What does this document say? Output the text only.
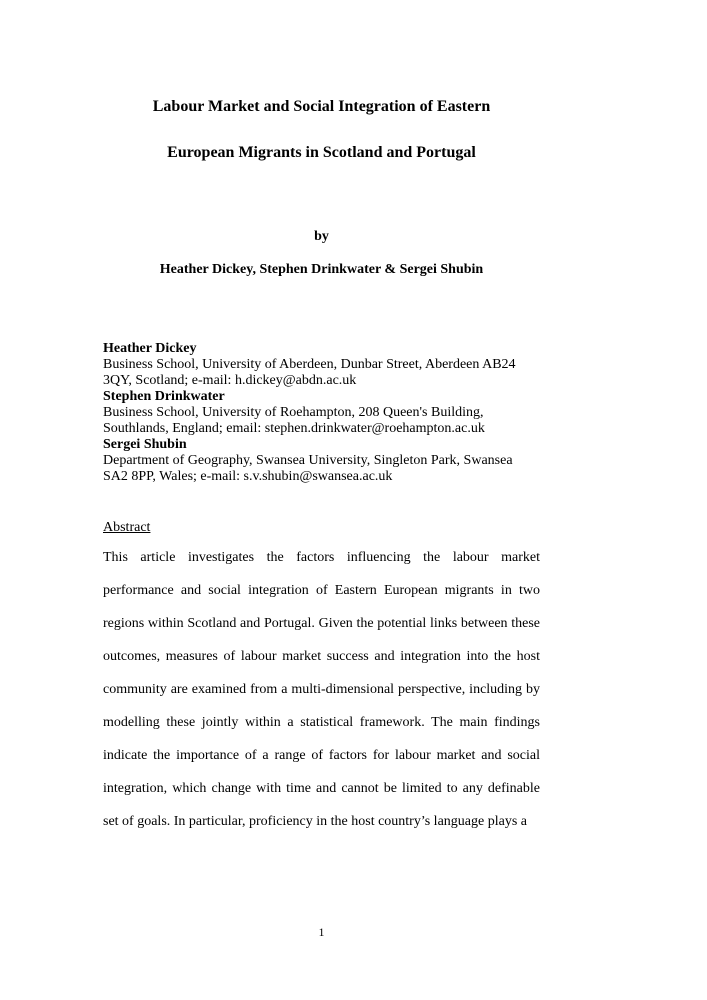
Labour Market and Social Integration of Eastern
European Migrants in Scotland and Portugal
by
Heather Dickey, Stephen Drinkwater & Sergei Shubin
Heather Dickey
Business School, University of Aberdeen, Dunbar Street, Aberdeen AB24 3QY, Scotland; e-mail: h.dickey@abdn.ac.uk
Stephen Drinkwater
Business School, University of Roehampton, 208 Queen's Building, Southlands, England; email: stephen.drinkwater@roehampton.ac.uk
Sergei Shubin
Department of Geography, Swansea University, Singleton Park, Swansea SA2 8PP, Wales; e-mail: s.v.shubin@swansea.ac.uk
Abstract
This article investigates the factors influencing the labour market performance and social integration of Eastern European migrants in two regions within Scotland and Portugal. Given the potential links between these outcomes, measures of labour market success and integration into the host community are examined from a multi-dimensional perspective, including by modelling these jointly within a statistical framework. The main findings indicate the importance of a range of factors for labour market and social integration, which change with time and cannot be limited to any definable set of goals. In particular, proficiency in the host country’s language plays a
1
